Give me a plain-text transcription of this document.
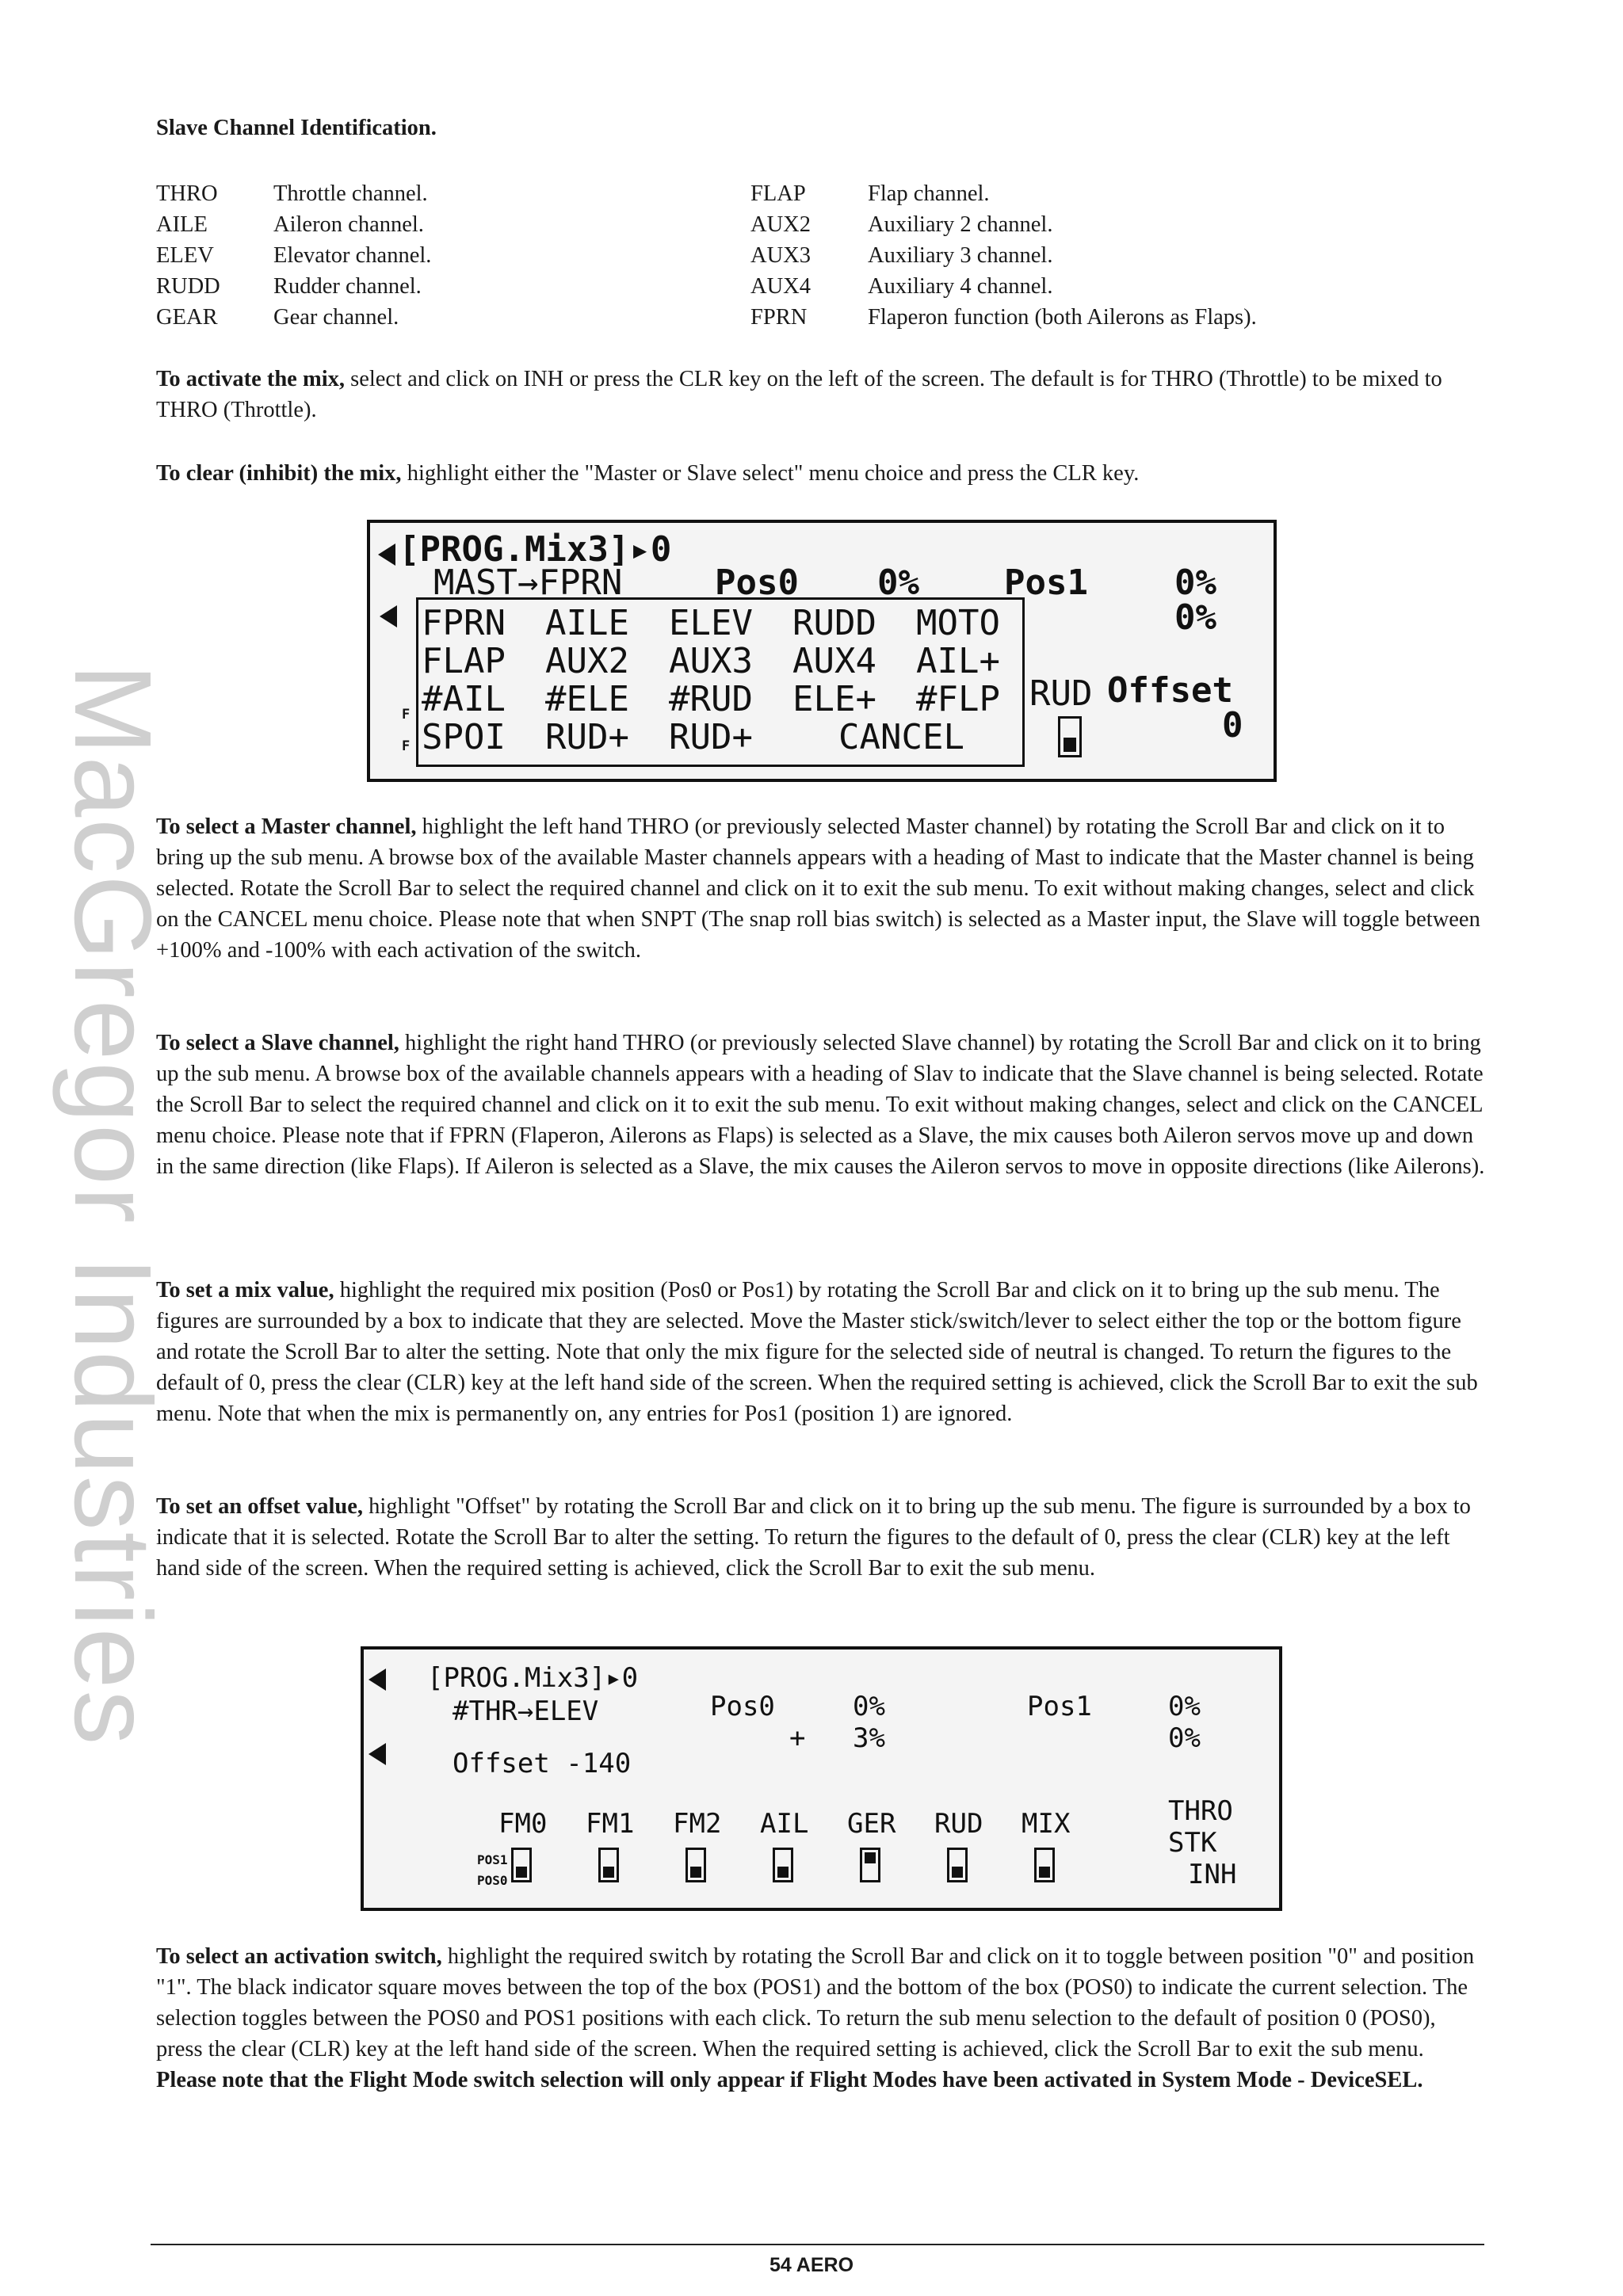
MacGregor Industries
Slave Channel Identification.
THRO	Throttle channel.
AILE	Aileron channel.
ELEV	Elevator channel.
RUDD	Rudder channel.
GEAR	Gear channel.
FLAP	Flap channel.
AUX2	Auxiliary 2 channel.
AUX3	Auxiliary 3 channel.
AUX4	Auxiliary 4 channel.
FPRN	Flaperon function (both Ailerons as Flaps).

To activate the mix, select and click on INH or press the CLR key on the left of the screen. The default is for THRO (Throttle) to be mixed to THRO (Throttle).

To clear (inhibit) the mix, highlight either the "Master or Slave select" menu choice and press the CLR key.

[PROG.Mix3]▸0
MAST→FPRN	Pos0 0% Pos1 0%
0%
F
F
FPRN AILE ELEV RUDD MOTO
FLAP AUX2 AUX3 AUX4 AIL+
#AIL #ELE #RUD ELE+ #FLP
SPOI RUD+ RUD+ CANCEL
RUD Offset
0

To select a Master channel, highlight the left hand THRO (or previously selected Master channel) by rotating the Scroll Bar and click on it to bring up the sub menu. A browse box of the available Master channels appears with a heading of Mast to indicate that the Master channel is being selected. Rotate the Scroll Bar to select the required channel and click on it to exit the sub menu. To exit without making changes, select and click on the CANCEL menu choice. Please note that when SNPT (The snap roll bias switch) is selected as a Master input, the Slave will toggle between +100% and -100% with each activation of the switch.

To select a Slave channel, highlight the right hand THRO (or previously selected Slave channel) by rotating the Scroll Bar and click on it to bring up the sub menu. A browse box of the available channels appears with a heading of Slav to indicate that the Slave channel is being selected. Rotate the Scroll Bar to select the required channel and click on it to exit the sub menu. To exit without making changes, select and click on the CANCEL menu choice. Please note that if FPRN (Flaperon, Ailerons as Flaps) is selected as a Slave, the mix causes both Aileron servos move up and down in the same direction (like Flaps). If Aileron is selected as a Slave, the mix causes the Aileron servos to move in opposite directions (like Ailerons).

To set a mix value, highlight the required mix position (Pos0 or Pos1) by rotating the Scroll Bar and click on it to bring up the sub menu. The figures are surrounded by a box to indicate that they are selected. Move the Master stick/switch/lever to select either the top or the bottom figure and rotate the Scroll Bar to alter the setting. Note that only the mix figure for the selected side of neutral is changed. To return the figures to the default of 0, press the clear (CLR) key at the left hand side of the screen. When the required setting is achieved, click the Scroll Bar to exit the sub menu. Note that when the mix is permanently on, any entries for Pos1 (position 1) are ignored.

To set an offset value, highlight "Offset" by rotating the Scroll Bar and click on it to bring up the sub menu. The figure is surrounded by a box to indicate that it is selected. Rotate the Scroll Bar to alter the setting. To return the figures to the default of 0, press the clear (CLR) key at the left hand side of the screen. When the required setting is achieved, click the Scroll Bar to exit the sub menu.

[PROG.Mix3]▸0
#THR→ELEV	Pos0	0%
+ 3%
Pos1	0%
0%
Offset -140
POS1
POS0
FM0 FM1 FM2 AIL GER RUD MIX	THRO
STK
INH

To select an activation switch, highlight the required switch by rotating the Scroll Bar and click on it to toggle between position "0" and position "1". The black indicator square moves between the top of the box (POS1) and the bottom of the box (POS0) to indicate the current selection. The selection toggles between the POS0 and POS1 positions with each click. To return the sub menu selection to the default of position 0 (POS0), press the clear (CLR) key at the left hand side of the screen. When the required setting is achieved, click the Scroll Bar to exit the sub menu. Please note that the Flight Mode switch selection will only appear if Flight Modes have been activated in System Mode - DeviceSEL.

54 AERO
